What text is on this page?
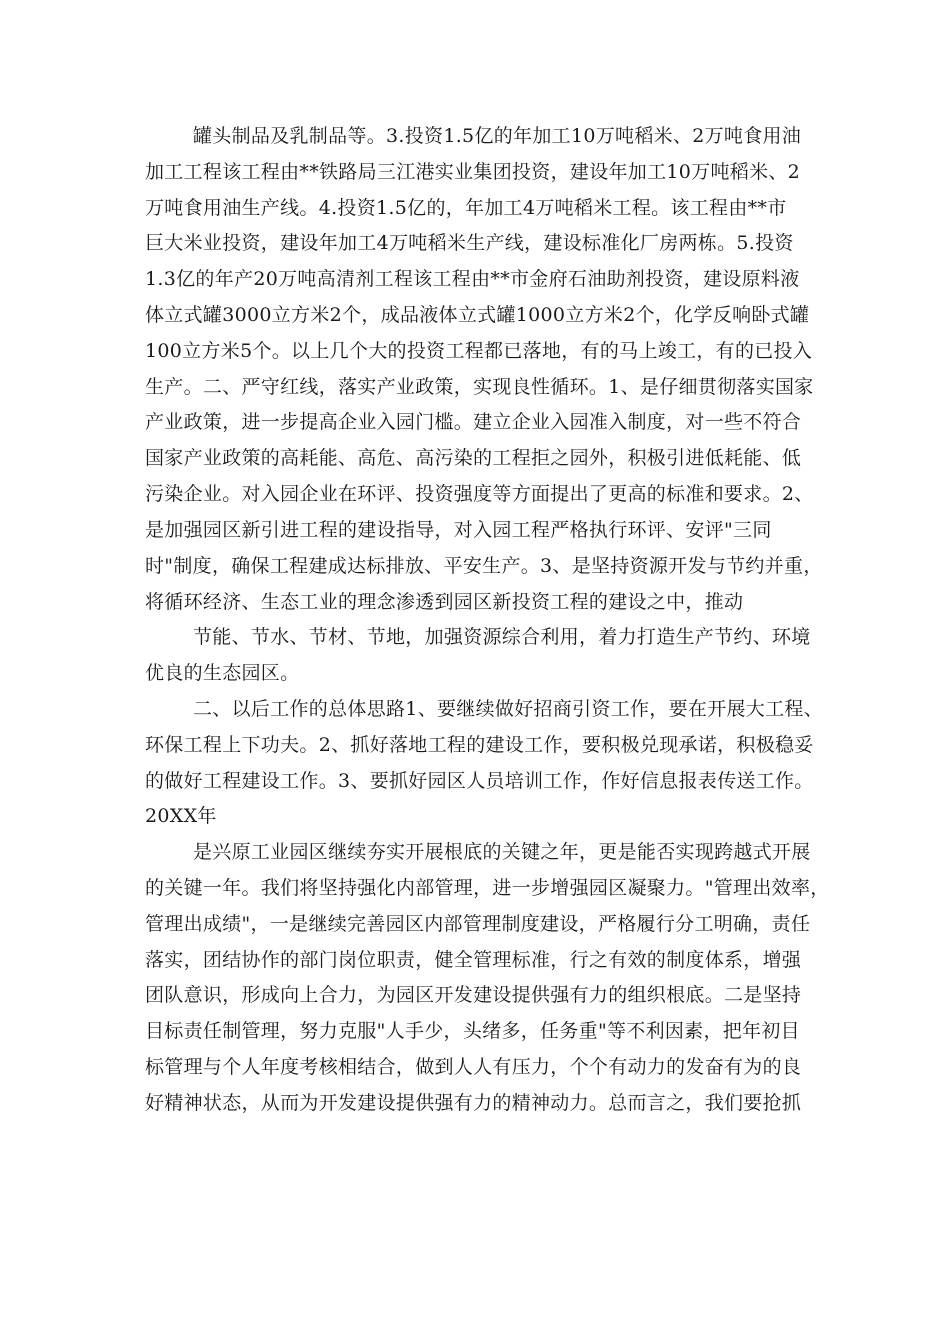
罐头制品及乳制品等。3.投资1.5亿的年加工10万吨稻米、2万吨食用油
加工工程该工程由**铁路局三江港实业集团投资，建设年加工10万吨稻米、2
万吨食用油生产线。4.投资1.5亿的，年加工4万吨稻米工程。该工程由**市
巨大米业投资，建设年加工4万吨稻米生产线，建设标准化厂房两栋。5.投资
1.3亿的年产20万吨高清剂工程该工程由**市金府石油助剂投资，建设原料液
体立式罐3000立方米2个，成品液体立式罐1000立方米2个，化学反响卧式罐
100立方米5个。以上几个大的投资工程都已落地，有的马上竣工，有的已投入
生产。二、严守红线，落实产业政策，实现良性循环。1、是仔细贯彻落实国家
产业政策，进一步提高企业入园门槛。建立企业入园准入制度，对一些不符合
国家产业政策的高耗能、高危、高污染的工程拒之园外，积极引进低耗能、低
污染企业。对入园企业在环评、投资强度等方面提出了更高的标准和要求。2、
是加强园区新引进工程的建设指导，对入园工程严格执行环评、安评"三同
时"制度，确保工程建成达标排放、平安生产。3、是坚持资源开发与节约并重，
将循环经济、生态工业的理念渗透到园区新投资工程的建设之中，推动
节能、节水、节材、节地，加强资源综合利用，着力打造生产节约、环境
优良的生态园区。
二、以后工作的总体思路1、要继续做好招商引资工作，要在开展大工程、
环保工程上下功夫。2、抓好落地工程的建设工作，要积极兑现承诺，积极稳妥
的做好工程建设工作。3、要抓好园区人员培训工作，作好信息报表传送工作。
20XX年
是兴原工业园区继续夯实开展根底的关键之年，更是能否实现跨越式开展
的关键一年。我们将坚持强化内部管理，进一步增强园区凝聚力。"管理出效率，
管理出成绩"，一是继续完善园区内部管理制度建设，严格履行分工明确，责任
落实，团结协作的部门岗位职责，健全管理标准，行之有效的制度体系，增强
团队意识，形成向上合力，为园区开发建设提供强有力的组织根底。二是坚持
目标责任制管理，努力克服"人手少，头绪多，任务重"等不利因素，把年初目
标管理与个人年度考核相结合，做到人人有压力，个个有动力的发奋有为的良
好精神状态，从而为开发建设提供强有力的精神动力。总而言之，我们要抢抓
